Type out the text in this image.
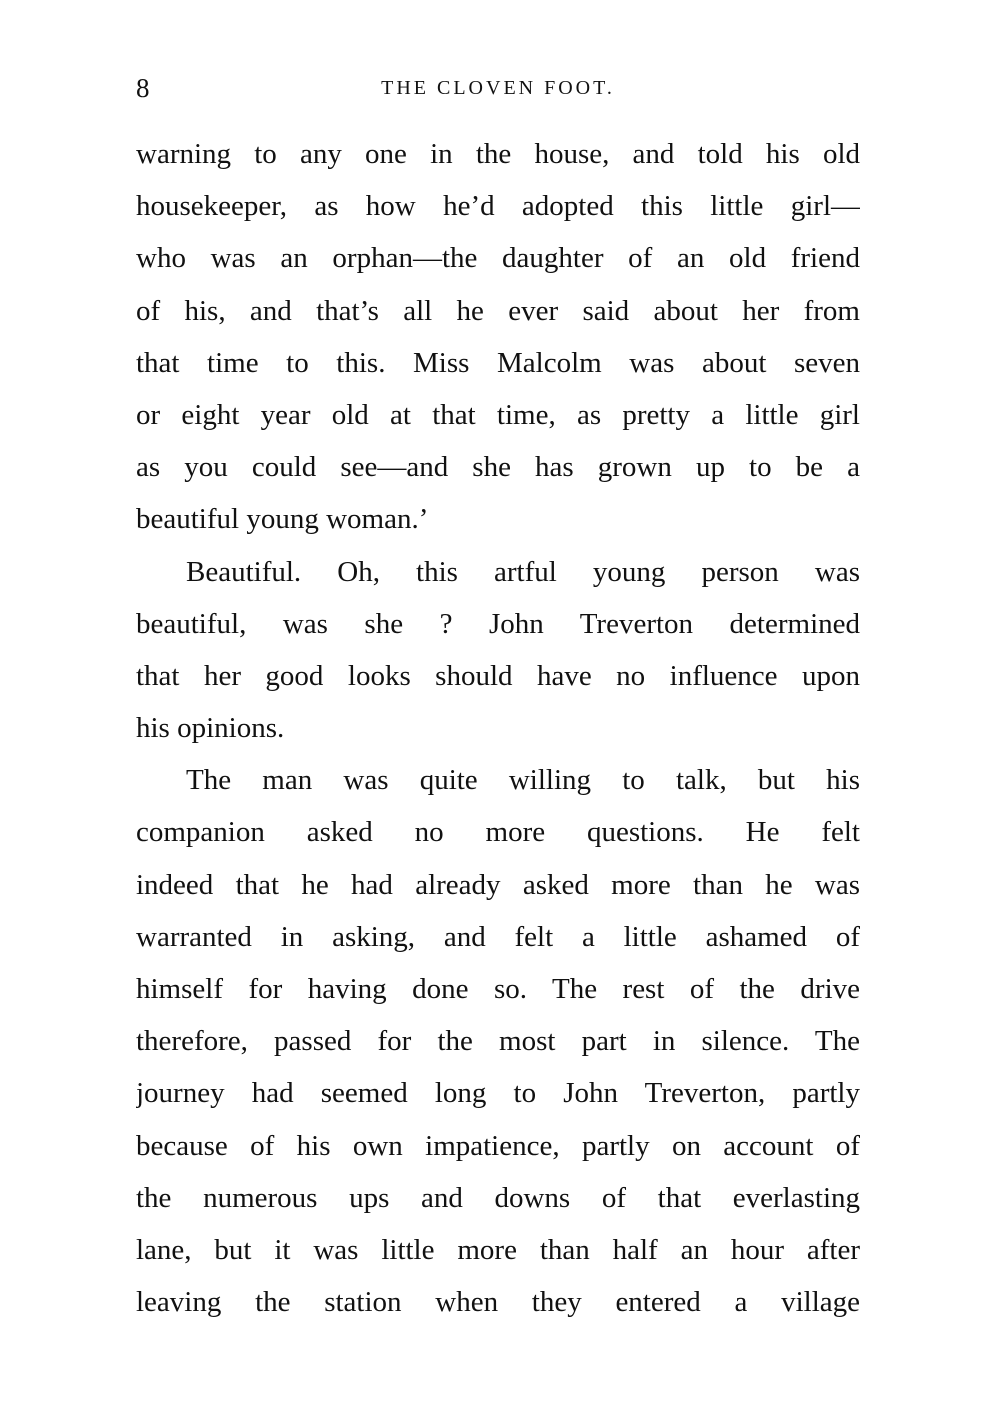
8	THE CLOVEN FOOT.
warning to any one in the house, and told his old
housekeeper, as how he’d adopted this little girl—
who was an orphan—the daughter of an old friend
of his, and that’s all he ever said about her from
that time to this. Miss Malcolm was about seven
or eight year old at that time, as pretty a little girl
as you could see—and she has grown up to be a
beautiful young woman.’
Beautiful. Oh, this artful young person was
beautiful, was she ? John Treverton determined
that her good looks should have no influence upon
his opinions.
The man was quite willing to talk, but his
companion asked no more questions. He felt
indeed that he had already asked more than he was
warranted in asking, and felt a little ashamed of
himself for having done so. The rest of the drive
therefore, passed for the most part in silence. The
journey had seemed long to John Treverton, partly
because of his own impatience, partly on account of
the numerous ups and downs of that everlasting
lane, but it was little more than half an hour after
leaving the station when they entered a village
